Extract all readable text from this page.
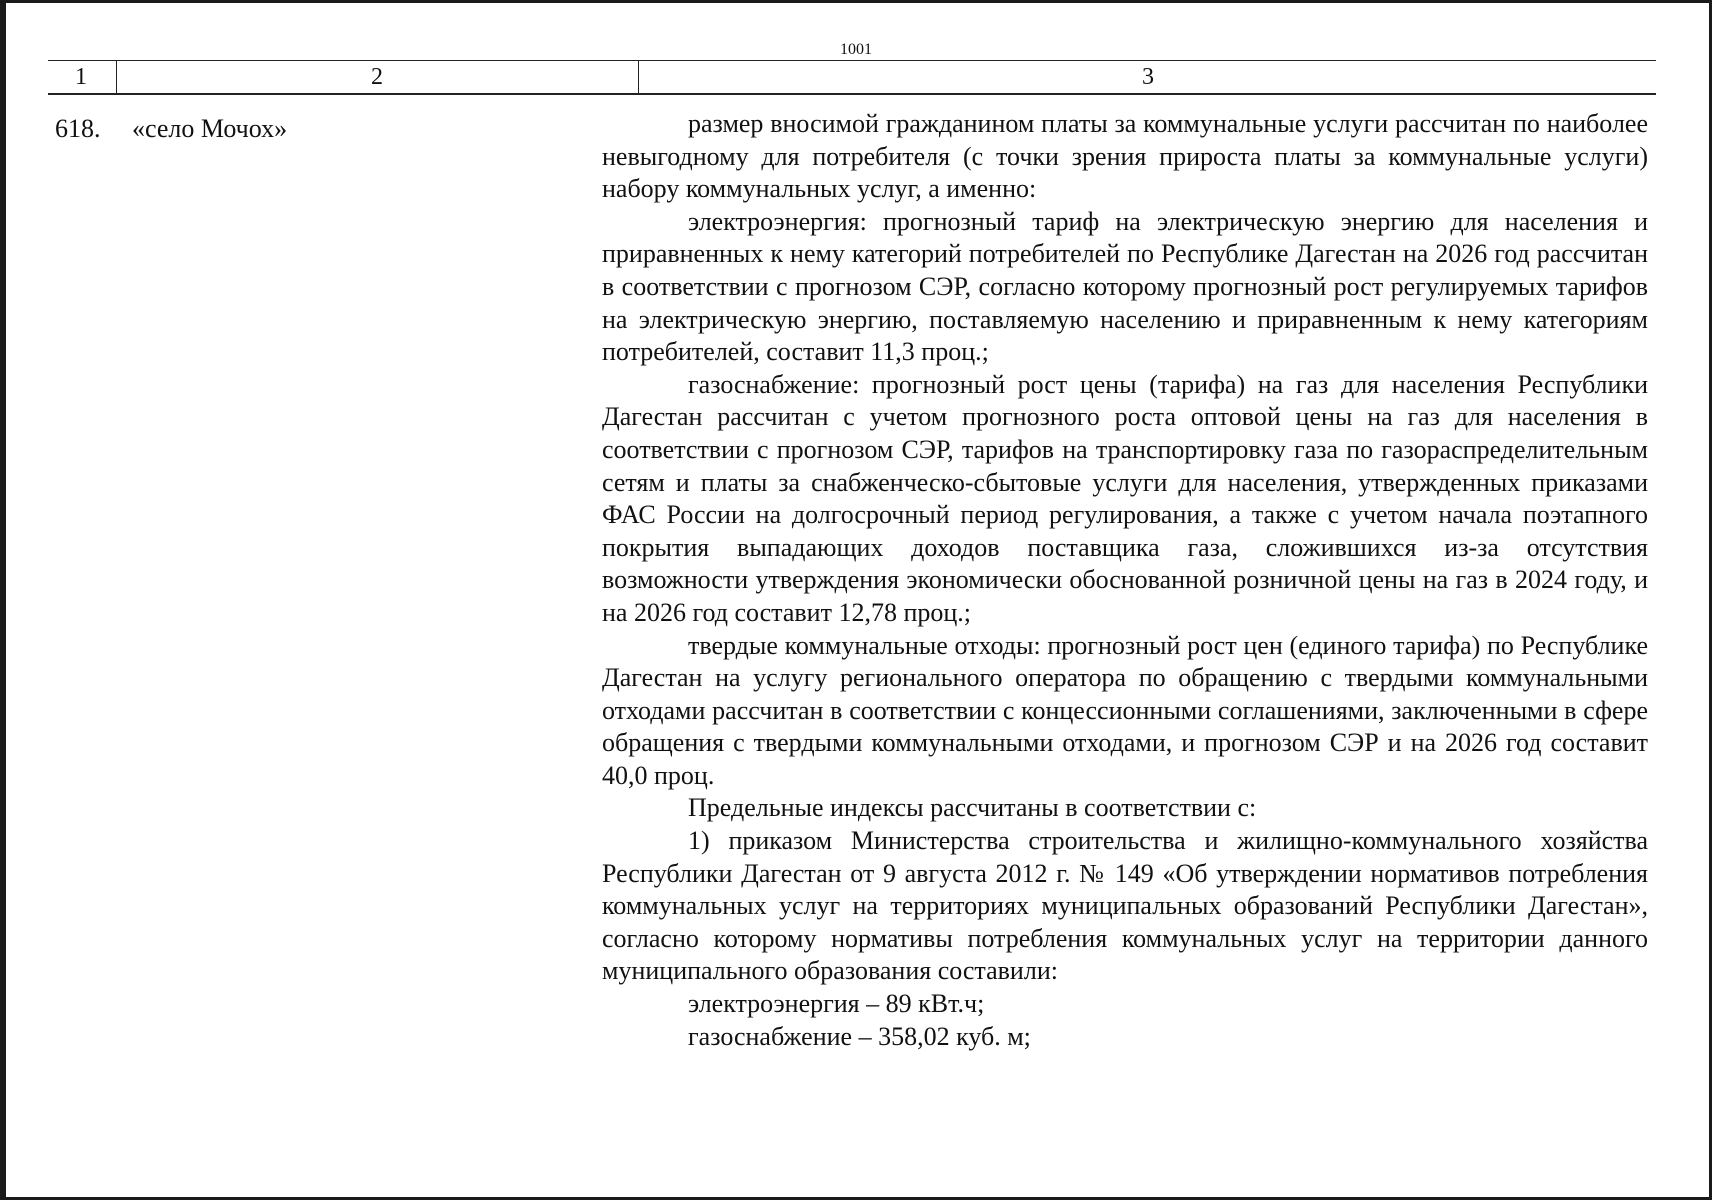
1001
1	2	3
618. «село Мочох»	размер вносимой гражданином платы за коммунальные услуги рассчитан по наиболее невыгодному для потребителя (с точки зрения прироста платы за коммунальные услуги) набору коммунальных услуг, а именно:

электроэнергия: прогнозный тариф на электрическую энергию для населения и приравненных к нему категорий потребителей по Республике Дагестан на 2026 год рассчитан в соответствии с прогнозом СЭР, согласно которому прогнозный рост регулируемых тарифов на электрическую энергию, поставляемую населению и приравненным к нему категориям потребителей, составит 11,3 проц.;

газоснабжение: прогнозный рост цены (тарифа) на газ для населения Республики Дагестан рассчитан с учетом прогнозного роста оптовой цены на газ для населения в соответствии с прогнозом СЭР, тарифов на транспортировку газа по газораспределительным сетям и платы за снабженческо-сбытовые услуги для населения, утвержденных приказами ФАС России на долгосрочный период регулирования, а также с учетом начала поэтапного покрытия выпадающих доходов поставщика газа, сложившихся из-за отсутствия возможности утверждения экономически обоснованной розничной цены на газ в 2024 году, и на 2026 год составит 12,78 проц.;

твердые коммунальные отходы: прогнозный рост цен (единого тарифа) по Республике Дагестан на услугу регионального оператора по обращению с твердыми коммунальными отходами рассчитан в соответствии с концессионными соглашениями, заключенными в сфере обращения с твердыми коммунальными отходами, и прогнозом СЭР и на 2026 год составит 40,0 проц.

Предельные индексы рассчитаны в соответствии с:

1) приказом Министерства строительства и жилищно-коммунального хозяйства Республики Дагестан от 9 августа 2012 г. № 149 «Об утверждении нормативов потребления коммунальных услуг на территориях муниципальных образований Республики Дагестан», согласно которому нормативы потребления коммунальных услуг на территории данного муниципального образования составили:

электроэнергия – 89 кВт.ч;

газоснабжение – 358,02 куб. м;
